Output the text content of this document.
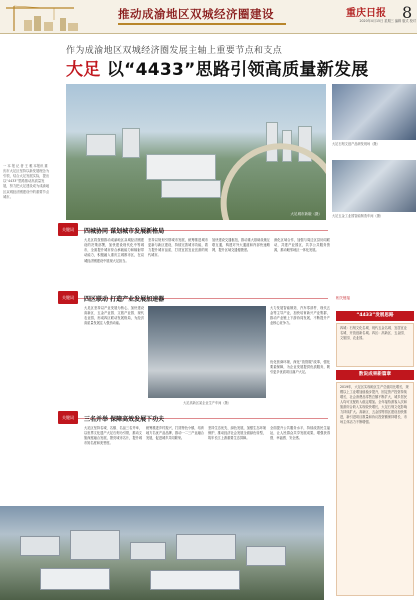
推动成渝地区双城经济圈建设	重庆日报 8
2020年4月15日 星期三 编辑 版式 校对
作为成渝地区双城经济圈发展主轴上重要节点和支点
大足 以“4433”思路引领高质量新发展
一 本 报 记 者 王 雅 本报讯 重庆市大足区坚持以新发展理念为引领，结合大足发展实际，提出以“4433”思路推动高质量发展，努力把大足建设成为成渝地区双城经济圈建设中的重要节点城市。
大足城市新貌（摄）
大足石刻文创产品研发现场（摄）
大足五金工业园智能制造车间（摄）
关键词	四城协同 谋划城市发展新格局
大足区将按照推动成渝地区双城经济圈建设的决策部署，加快建设现代化中等城市，全面提升城市综合承载能力和辐射带动能力，积极融入重庆主城都市区，在双城经济圈建设中展现大足担当。
坚持以规划引领城市发展，统筹推进城市更新与新区建设，持续完善城市功能，着力提升城市品质，打造宜居宜业宜游的现代城市。
加快建设交通枢纽，推动重大基础设施互联互通，构建对外大通道和内部快速路网，提升区域交通便捷度。
深化区域合作，加强与周边区县协同联动，共建产业园区，共享公共服务资源，推动毗邻地区一体化发展。
关键词	四区联动 打造产业发展加速器
大足区坚持以产业发展为核心，加快建设高新区、五金产业园、文旅产业园、现代农业园，形成四区联动发展格局，为经济高质量发展注入强劲动能。
大足高新区某企业生产车间（摄）
大力发展智能制造、汽车零部件、现代五金等主导产业，加快培育新兴产业集群，推动产业链上下游协同发展，不断提升产业核心竞争力。
优化营商环境，深化“放管服”改革，强化要素保障，为企业发展提供优质服务，吸引更多优质项目落户大足。
关键词	三名并举 保障高效发展下功夫
大足区坚持名城、名镇、名品三名并举，以世界文化遗产大足石刻为引领，推动文旅深度融合发展，擦亮城市名片，提升城市知名度和美誉度。
统筹推进乡村振兴，打造特色小镇，培育地方名优产品品牌，推动一二三产业融合发展，促进城乡共同繁荣。
坚持生态优先、绿色发展，加强生态环境保护，推动经济社会发展全面绿色转型，筑牢长江上游重要生态屏障。
全面提升公共服务水平，持续改善民生福祉，让人民群众共享发展成果，增强获得感、幸福感、安全感。
相关链接
“4433”发展思路
四城：石刻文化名城、现代五金名城、宜居宜业名城、开放创新名城。四区：高新区、五金园、文旅园、农业园。
数说成果新篇章
2019年，大足区实现地区生产总值同比增长，规模以上工业增加值稳步提升，固定资产投资持续增长，社会消费品零售总额不断扩大，城乡居民人均可支配收入稳定增加。全年接待游客人次和旅游综合收入实现较快增长，大足石刻文化影响力持续扩大。高新区、五金园等园区建设加快推进，新引进项目数量和协议投资额保持增长，市场主体活力不断增强。
